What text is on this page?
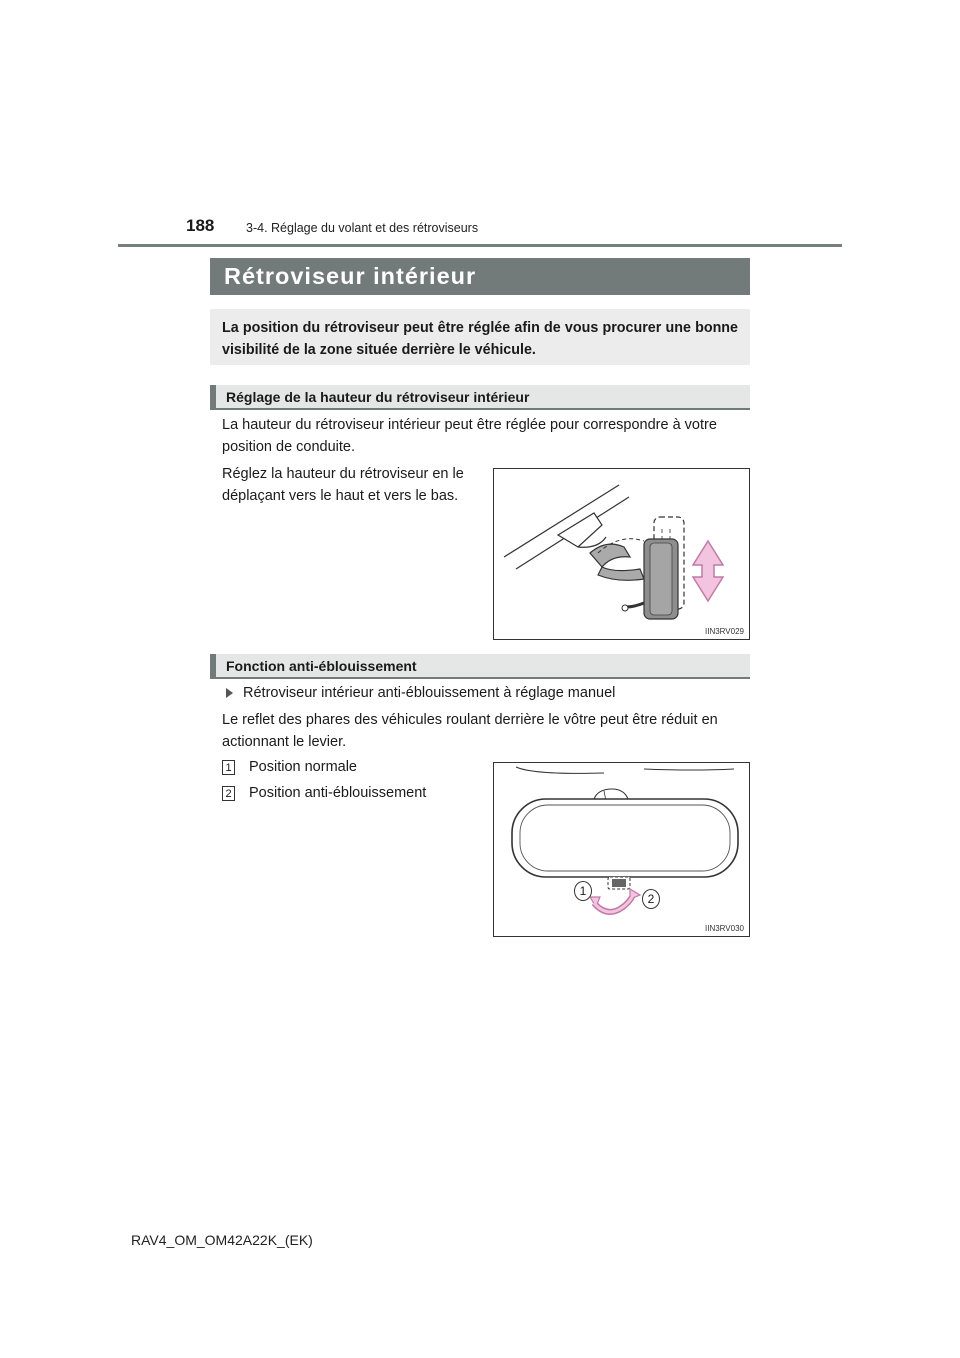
188	3-4. Réglage du volant et des rétroviseurs
Rétroviseur intérieur
La position du rétroviseur peut être réglée afin de vous procurer une bonne visibilité de la zone située derrière le véhicule.
Réglage de la hauteur du rétroviseur intérieur
La hauteur du rétroviseur intérieur peut être réglée pour correspondre à votre position de conduite.
Réglez la hauteur du rétroviseur en le
déplaçant vers le haut et vers le bas.
IIN3RV029
Fonction anti-éblouissement
Rétroviseur intérieur anti-éblouissement à réglage manuel
Le reflet des phares des véhicules roulant derrière le vôtre peut être réduit en actionnant le levier.
1 Position normale
2 Position anti-éblouissement
1
2
IIN3RV030
RAV4_OM_OM42A22K_(EK)
